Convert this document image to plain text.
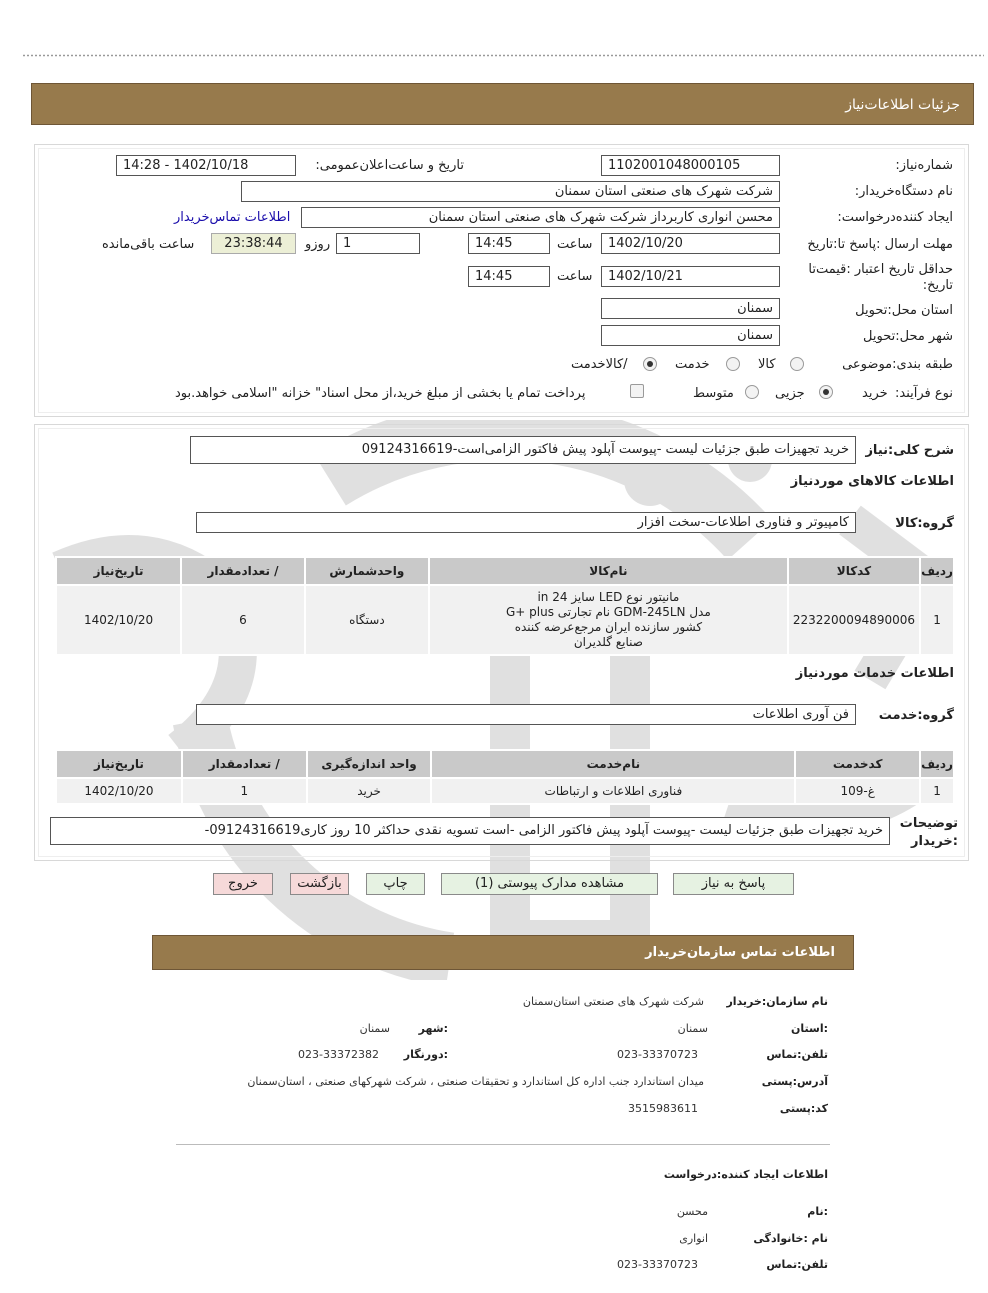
جزئیات اطلاعات‌نیاز
شماره‌نیاز:
1102001048000105
تاریخ و ساعت‌اعلان‌عمومی:
1402/10/18 - 14:28
نام دستگاه‌خریدار:
شرکت شهرک های صنعتی استان سمنان
ایجاد کننده‌درخواست:
محسن انواری کاربرداز شرکت شهرک های صنعتی استان سمنان
اطلاعات تماس‌خریدار
مهلت ارسال :پاسخ تا:تاریخ
1402/10/20
ساعت
14:45
1
روزو
23:38:44
ساعت باقی‌مانده
حداقل تاریخ اعتبار :قیمت‌تا تاریخ:
1402/10/21
ساعت
14:45
استان محل:تحویل
سمنان
شهر محل:تحویل
سمنان
طبقه بندی:موضوعی
کالا
خدمت
/کالاخدمت
نوع فرآیند:
خرید
جزیی
متوسط
پرداخت تمام یا بخشی از مبلغ خرید،از محل اسناد" خزانه "اسلامی خواهد.بود
شرح کلی:نیاز
خرید تجهیزات طبق جزئیات لیست -پیوست آپلود پیش فاکتور الزامی‌است-09124316619
اطلاعات کالاهای موردنیاز
گروه:کالا
کامپیوتر و فناوری اطلاعات-سخت افزار
ردیف	کدکالا	نام‌کالا	واحدشمارش	/ تعدادمقدار	تاریخ‌نیاز
1	2232200094890006	مانیتور نوع LED سایز 24 in
مدل GDM-245LN نام تجارتی G+ plus
کشور سازنده ایران مرجع‌عرضه کننده
صنایع گلدیران	دستگاه	6	1402/10/20
اطلاعات خدمات موردنیاز
گروه:خدمت
فن آوری اطلاعات
ردیف	کدخدمت	نام‌خدمت	واحد اندازه‌گیری	/ تعدادمقدار	تاریخ‌نیاز
1	غ-109	فناوری اطلاعات و ارتباطات	خرید	1	1402/10/20
توضیحات
:خریدار
خرید تجهیزات طبق جزئیات لیست -پیوست آپلود پیش فاکتور الزامی -است تسویه نقدی حداکثر 10 روز کاری09124316619-
پاسخ به نیاز
مشاهده مدارک پیوستی (1)
چاپ
بازگشت
خروج
اطلاعات تماس سازمان‌خریدار
نام سازمان:خریدار
شرکت شهرک های صنعتی استان‌سمنان
:استان
سمنان
:شهر
سمنان
تلفن:تماس
023-33370723
:دورنگار
023-33372382
آدرس:پستی
میدان استاندارد جنب اداره کل استاندارد و تحقیقات صنعتی ، شرکت شهرکهای صنعتی ، استان‌سمنان
کد:پستی
3515983611
اطلاعات ایجاد کننده:درخواست
:نام
محسن
نام :خانوادگی
انواری
تلفن:تماس
023-33370723
